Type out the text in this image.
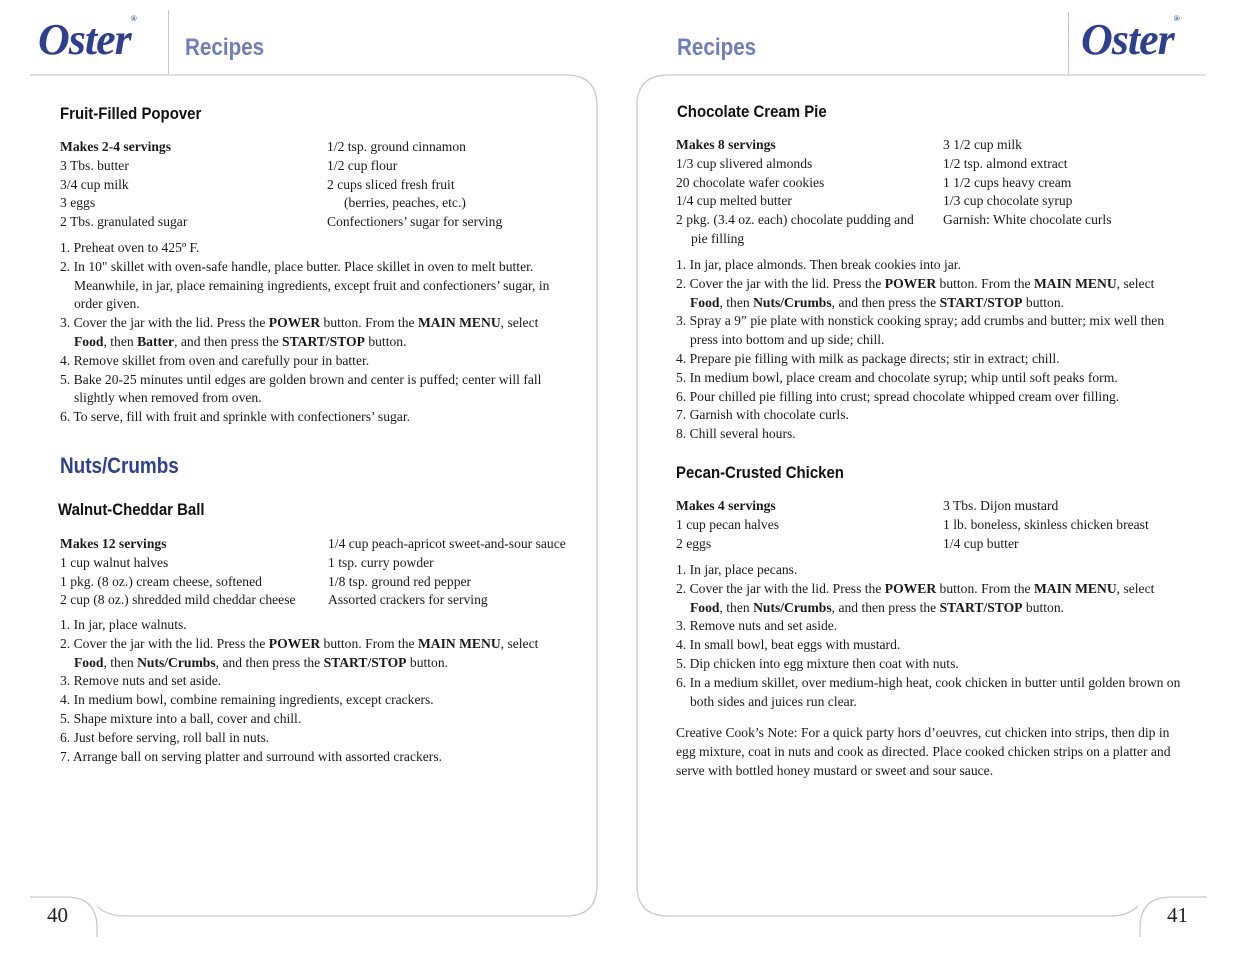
Oster®
Recipes
Fruit-Filled Popover
Makes 2-4 servings
3 Tbs. butter
3/4 cup milk
3 eggs
2 Tbs. granulated sugar
1/2 tsp. ground cinnamon
1/2 cup flour
2 cups sliced fresh fruit
(berries, peaches, etc.)
Confectioners’ sugar for serving
1. Preheat oven to 425º F.
2. In 10" skillet with oven-safe handle, place butter. Place skillet in oven to melt butter. Meanwhile, in jar, place remaining ingredients, except fruit and confectioners’ sugar, in order given.
3. Cover the jar with the lid. Press the POWER button. From the MAIN MENU, select Food, then Batter, and then press the START/STOP button.
4. Remove skillet from oven and carefully pour in batter.
5. Bake 20-25 minutes until edges are golden brown and center is puffed; center will fall slightly when removed from oven.
6. To serve, fill with fruit and sprinkle with confectioners’ sugar.
Nuts/Crumbs
Walnut-Cheddar Ball
Makes 12 servings
1 cup walnut halves
1 pkg. (8 oz.) cream cheese, softened
2 cup (8 oz.) shredded mild cheddar cheese
1/4 cup peach-apricot sweet-and-sour sauce
1 tsp. curry powder
1/8 tsp. ground red pepper
Assorted crackers for serving
1. In jar, place walnuts.
2. Cover the jar with the lid. Press the POWER button. From the MAIN MENU, select Food, then Nuts/Crumbs, and then press the START/STOP button.
3. Remove nuts and set aside.
4. In medium bowl, combine remaining ingredients, except crackers.
5. Shape mixture into a ball, cover and chill.
6. Just before serving, roll ball in nuts.
7. Arrange ball on serving platter and surround with assorted crackers.
40
Recipes	Oster®
Chocolate Cream Pie
Makes 8 servings
1/3 cup slivered almonds
20 chocolate wafer cookies
1/4 cup melted butter
2 pkg. (3.4 oz. each) chocolate pudding and
pie filling
3 1/2 cup milk
1/2 tsp. almond extract
1 1/2 cups heavy cream
1/3 cup chocolate syrup
Garnish: White chocolate curls
1. In jar, place almonds. Then break cookies into jar.
2. Cover the jar with the lid. Press the POWER button. From the MAIN MENU, select Food, then Nuts/Crumbs, and then press the START/STOP button.
3. Spray a 9” pie plate with nonstick cooking spray; add crumbs and butter; mix well then press into bottom and up side; chill.
4. Prepare pie filling with milk as package directs; stir in extract; chill.
5. In medium bowl, place cream and chocolate syrup; whip until soft peaks form.
6. Pour chilled pie filling into crust; spread chocolate whipped cream over filling.
7. Garnish with chocolate curls.
8. Chill several hours.
Pecan-Crusted Chicken
Makes 4 servings
1 cup pecan halves
2 eggs
3 Tbs. Dijon mustard
1 lb. boneless, skinless chicken breast
1/4 cup butter
1. In jar, place pecans.
2. Cover the jar with the lid. Press the POWER button. From the MAIN MENU, select Food, then Nuts/Crumbs, and then press the START/STOP button.
3. Remove nuts and set aside.
4. In small bowl, beat eggs with mustard.
5. Dip chicken into egg mixture then coat with nuts.
6. In a medium skillet, over medium-high heat, cook chicken in butter until golden brown on both sides and juices run clear.
Creative Cook’s Note: For a quick party hors d’oeuvres, cut chicken into strips, then dip in egg mixture, coat in nuts and cook as directed. Place cooked chicken strips on a platter and serve with bottled honey mustard or sweet and sour sauce.
41
